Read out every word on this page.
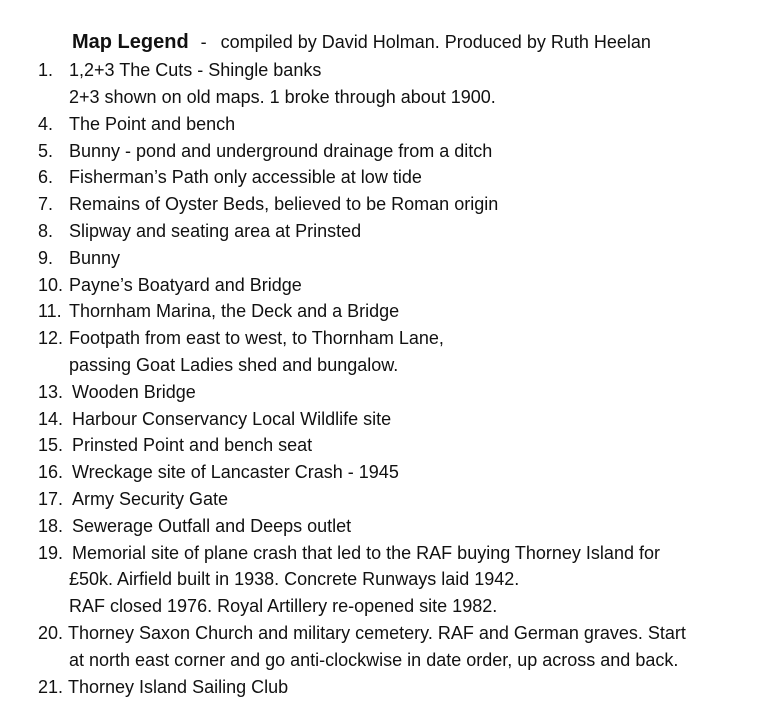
Map Legend - compiled by David Holman. Produced by Ruth Heelan
1. 1,2+3 The Cuts - Shingle banks
2+3 shown on old maps. 1 broke through about 1900.
4. The Point and bench
5. Bunny - pond and underground drainage from a ditch
6. Fisherman’s Path only accessible at low tide
7. Remains of Oyster Beds, believed to be Roman origin
8. Slipway and seating area at Prinsted
9. Bunny
10. Payne’s Boatyard and Bridge
11. Thornham Marina, the Deck and a Bridge
12. Footpath from east to west, to Thornham Lane,
passing Goat Ladies shed and bungalow.
13. Wooden Bridge
14. Harbour Conservancy Local Wildlife site
15. Prinsted Point and bench seat
16. Wreckage site of Lancaster Crash - 1945
17. Army Security Gate
18. Sewerage Outfall and Deeps outlet
19. Memorial site of plane crash that led to the RAF buying Thorney Island for
£50k. Airfield built in 1938. Concrete Runways laid 1942.
RAF closed 1976. Royal Artillery re-opened site 1982.
20. Thorney Saxon Church and military cemetery. RAF and German graves. Start
at north east corner and go anti-clockwise in date order, up across and back.
21. Thorney Island Sailing Club
